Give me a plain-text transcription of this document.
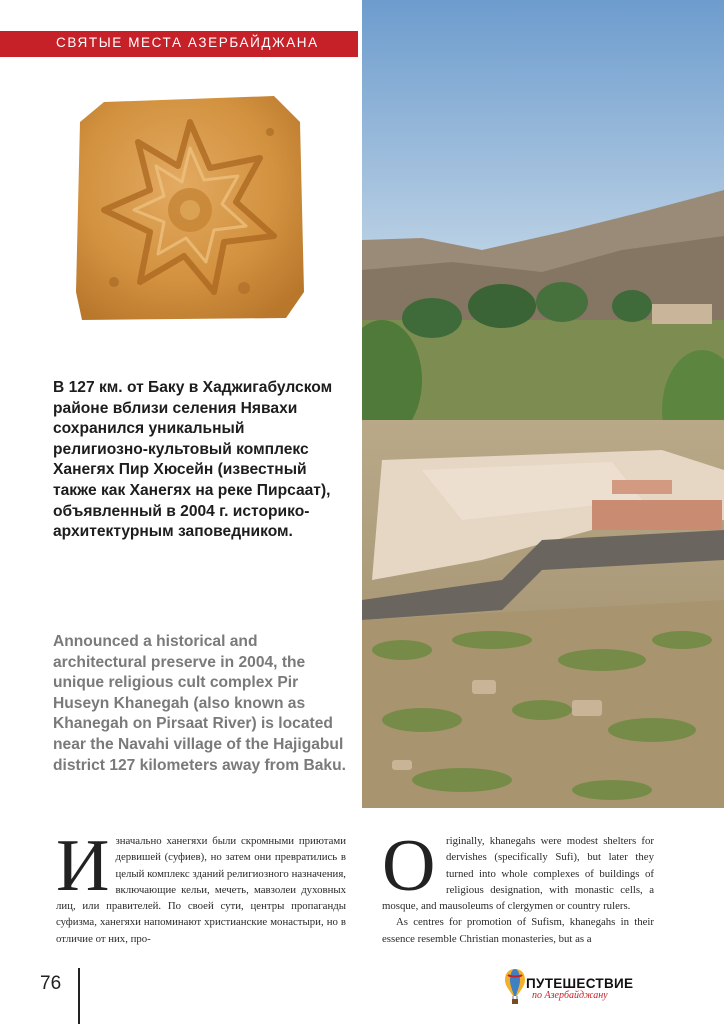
СВЯТЫЕ МЕСТА АЗЕРБАЙДЖАНА

В 127 км. от Баку в Хаджигабулском районе вблизи селения Нявахи сохранился уникальный религиозно-культовый комплекс Ханегях Пир Хюсейн (известный также как Ханегях на реке Пирсаат), объявленный в 2004 г. историко-архитектурным заповедником.

Announced a historical and architectural preserve in 2004, the unique religious cult complex Pir Huseyn Khanegah (also known as Khanegah on Pirsaat River) is located near the Navahi village of the Hajigabul district 127 kilometers away from Baku.

И значально ханегяхи были скромными приютами дервишей (суфиев), но затем они превратились в целый комплекс зданий религиозного назначения, включающие кельи, мечеть, мавзолеи духовных лиц, или правителей. По своей сути, центры пропаганды суфизма, ханегяхи напоминают христианские монастыри, но в отличие от них, про-

O riginally, khanegahs were modest shelters for dervishes (specifically Sufi), but later they turned into whole complexes of buildings of religious designation, with monastic cells, a mosque, and mausoleums of clergymen or country rulers.

As centres for promotion of Sufism, khanegahs in their essence resemble Christian monasteries, but as a

76	ПУТЕШЕСТВИЕ
по Азербайджану
